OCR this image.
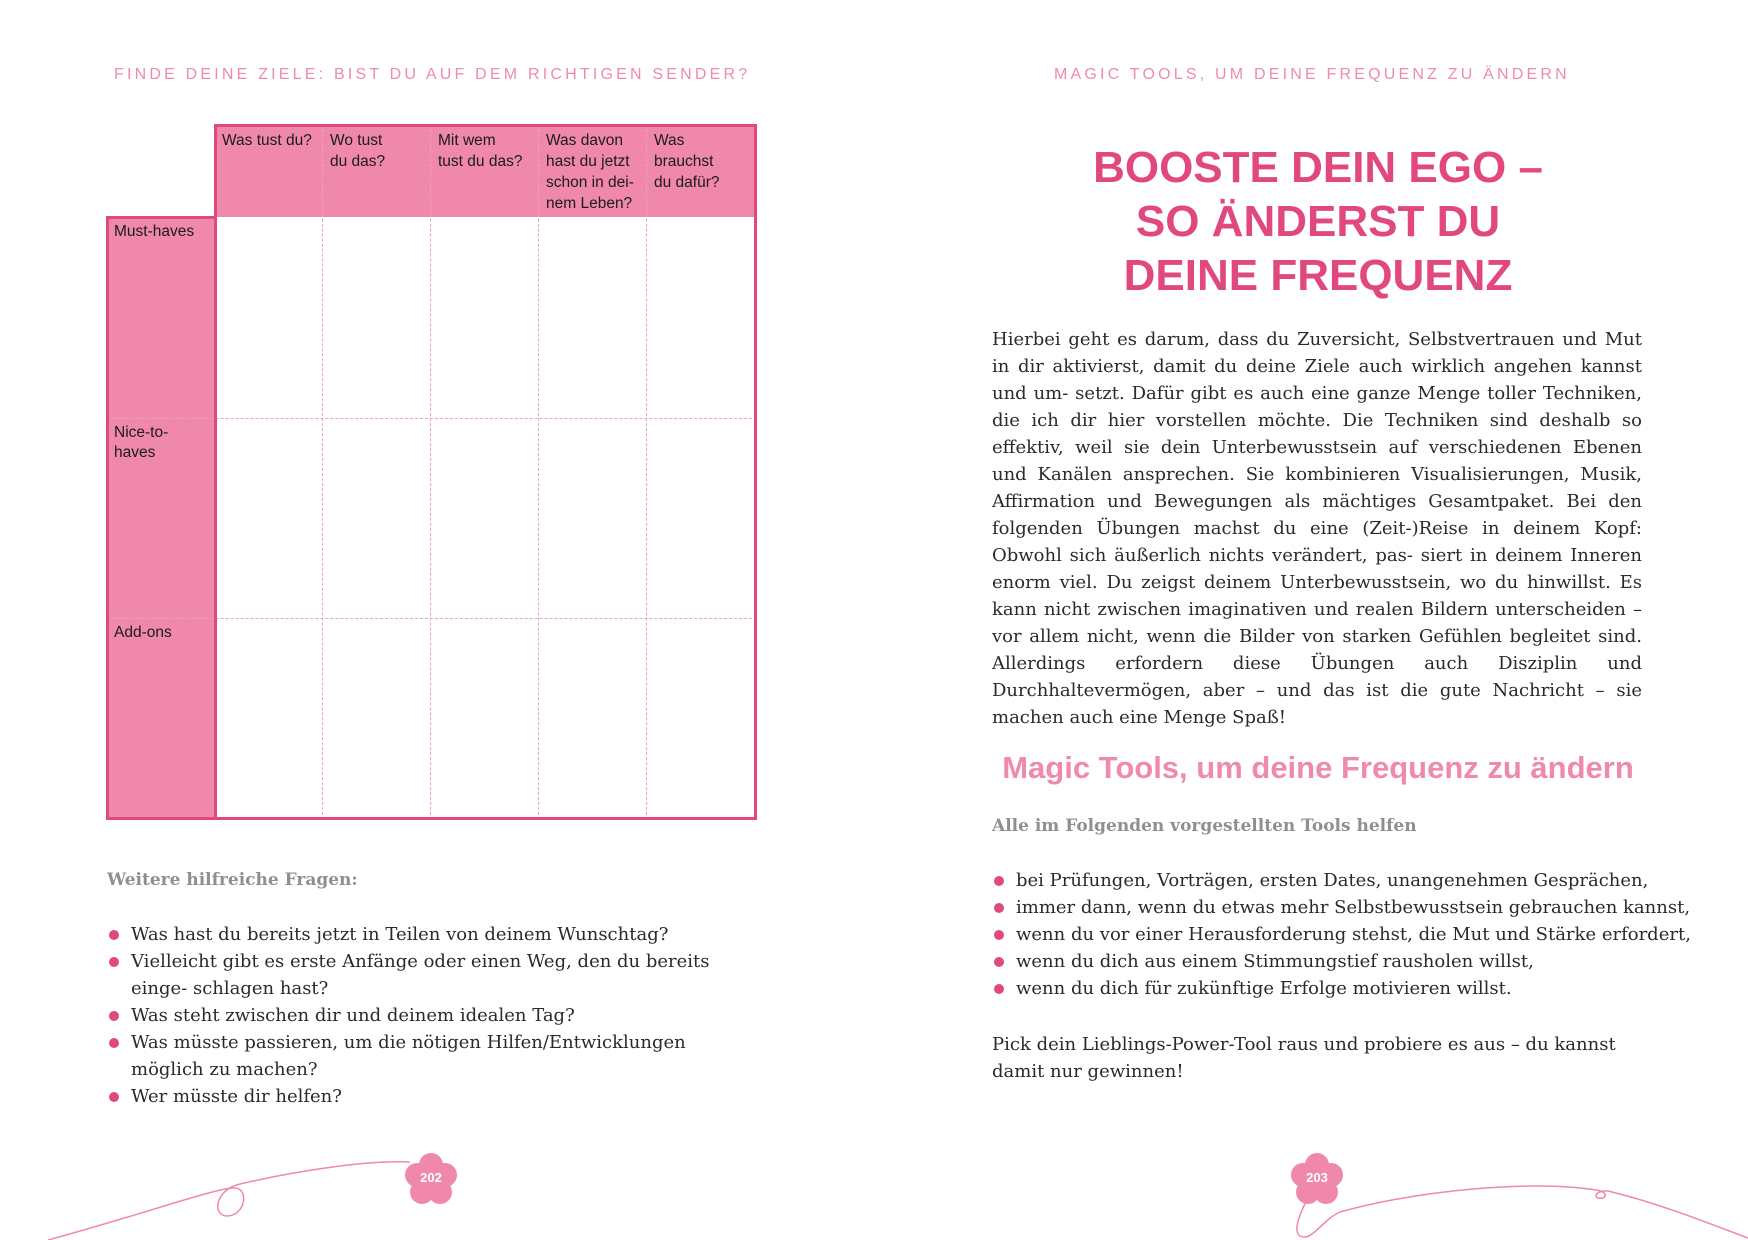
FINDE DEINE ZIELE: BIST DU AUF DEM RICHTIGEN SENDER?
Was tust du?	Wo tust
du das?
Mit wem
tust du das?
Was davon
hast du jetzt
schon in dei-
nem Leben?
Was
brauchst
du dafür?
Must-haves
Nice-to-
haves
Add-ons
Weitere hilfreiche Fragen:
Was hast du bereits jetzt in Teilen von deinem Wunschtag?
Vielleicht gibt es erste Anfänge oder einen Weg, den du bereits einge- schlagen hast?
Was steht zwischen dir und deinem idealen Tag?
Was müsste passieren, um die nötigen Hilfen/Entwicklungen möglich zu machen?
Wer müsste dir helfen?
MAGIC TOOLS, UM DEINE FREQUENZ ZU ÄNDERN
BOOSTE DEIN EGO –
SO ÄNDERST DU
DEINE FREQUENZ

Hierbei geht es darum, dass du Zuversicht, Selbstvertrauen und Mut in dir aktivierst, damit du deine Ziele auch wirklich angehen kannst und um- setzt. Dafür gibt es auch eine ganze Menge toller Techniken, die ich dir hier vorstellen möchte. Die Techniken sind deshalb so effektiv, weil sie dein Unterbewusstsein auf verschiedenen Ebenen und Kanälen ansprechen. Sie kombinieren Visualisierungen, Musik, Affirmation und Bewegungen als mächtiges Gesamtpaket. Bei den folgenden Übungen machst du eine (Zeit-)Reise in deinem Kopf: Obwohl sich äußerlich nichts verändert, pas- siert in deinem Inneren enorm viel. Du zeigst deinem Unterbewusstsein, wo du hinwillst. Es kann nicht zwischen imaginativen und realen Bildern unterscheiden – vor allem nicht, wenn die Bilder von starken Gefühlen begleitet sind. Allerdings erfordern diese Übungen auch Disziplin und Durchhaltevermögen, aber – und das ist die gute Nachricht – sie machen auch eine Menge Spaß!

Magic Tools, um deine Frequenz zu ändern
Alle im Folgenden vorgestellten Tools helfen
bei Prüfungen, Vorträgen, ersten Dates, unangenehmen Gesprächen,
immer dann, wenn du etwas mehr Selbstbewusstsein gebrauchen kannst,
wenn du vor einer Herausforderung stehst, die Mut und Stärke erfordert,
wenn du dich aus einem Stimmungstief rausholen willst,
wenn du dich für zukünftige Erfolge motivieren willst.

Pick dein Lieblings-Power-Tool raus und probiere es aus – du kannst damit nur gewinnen!

202	203
